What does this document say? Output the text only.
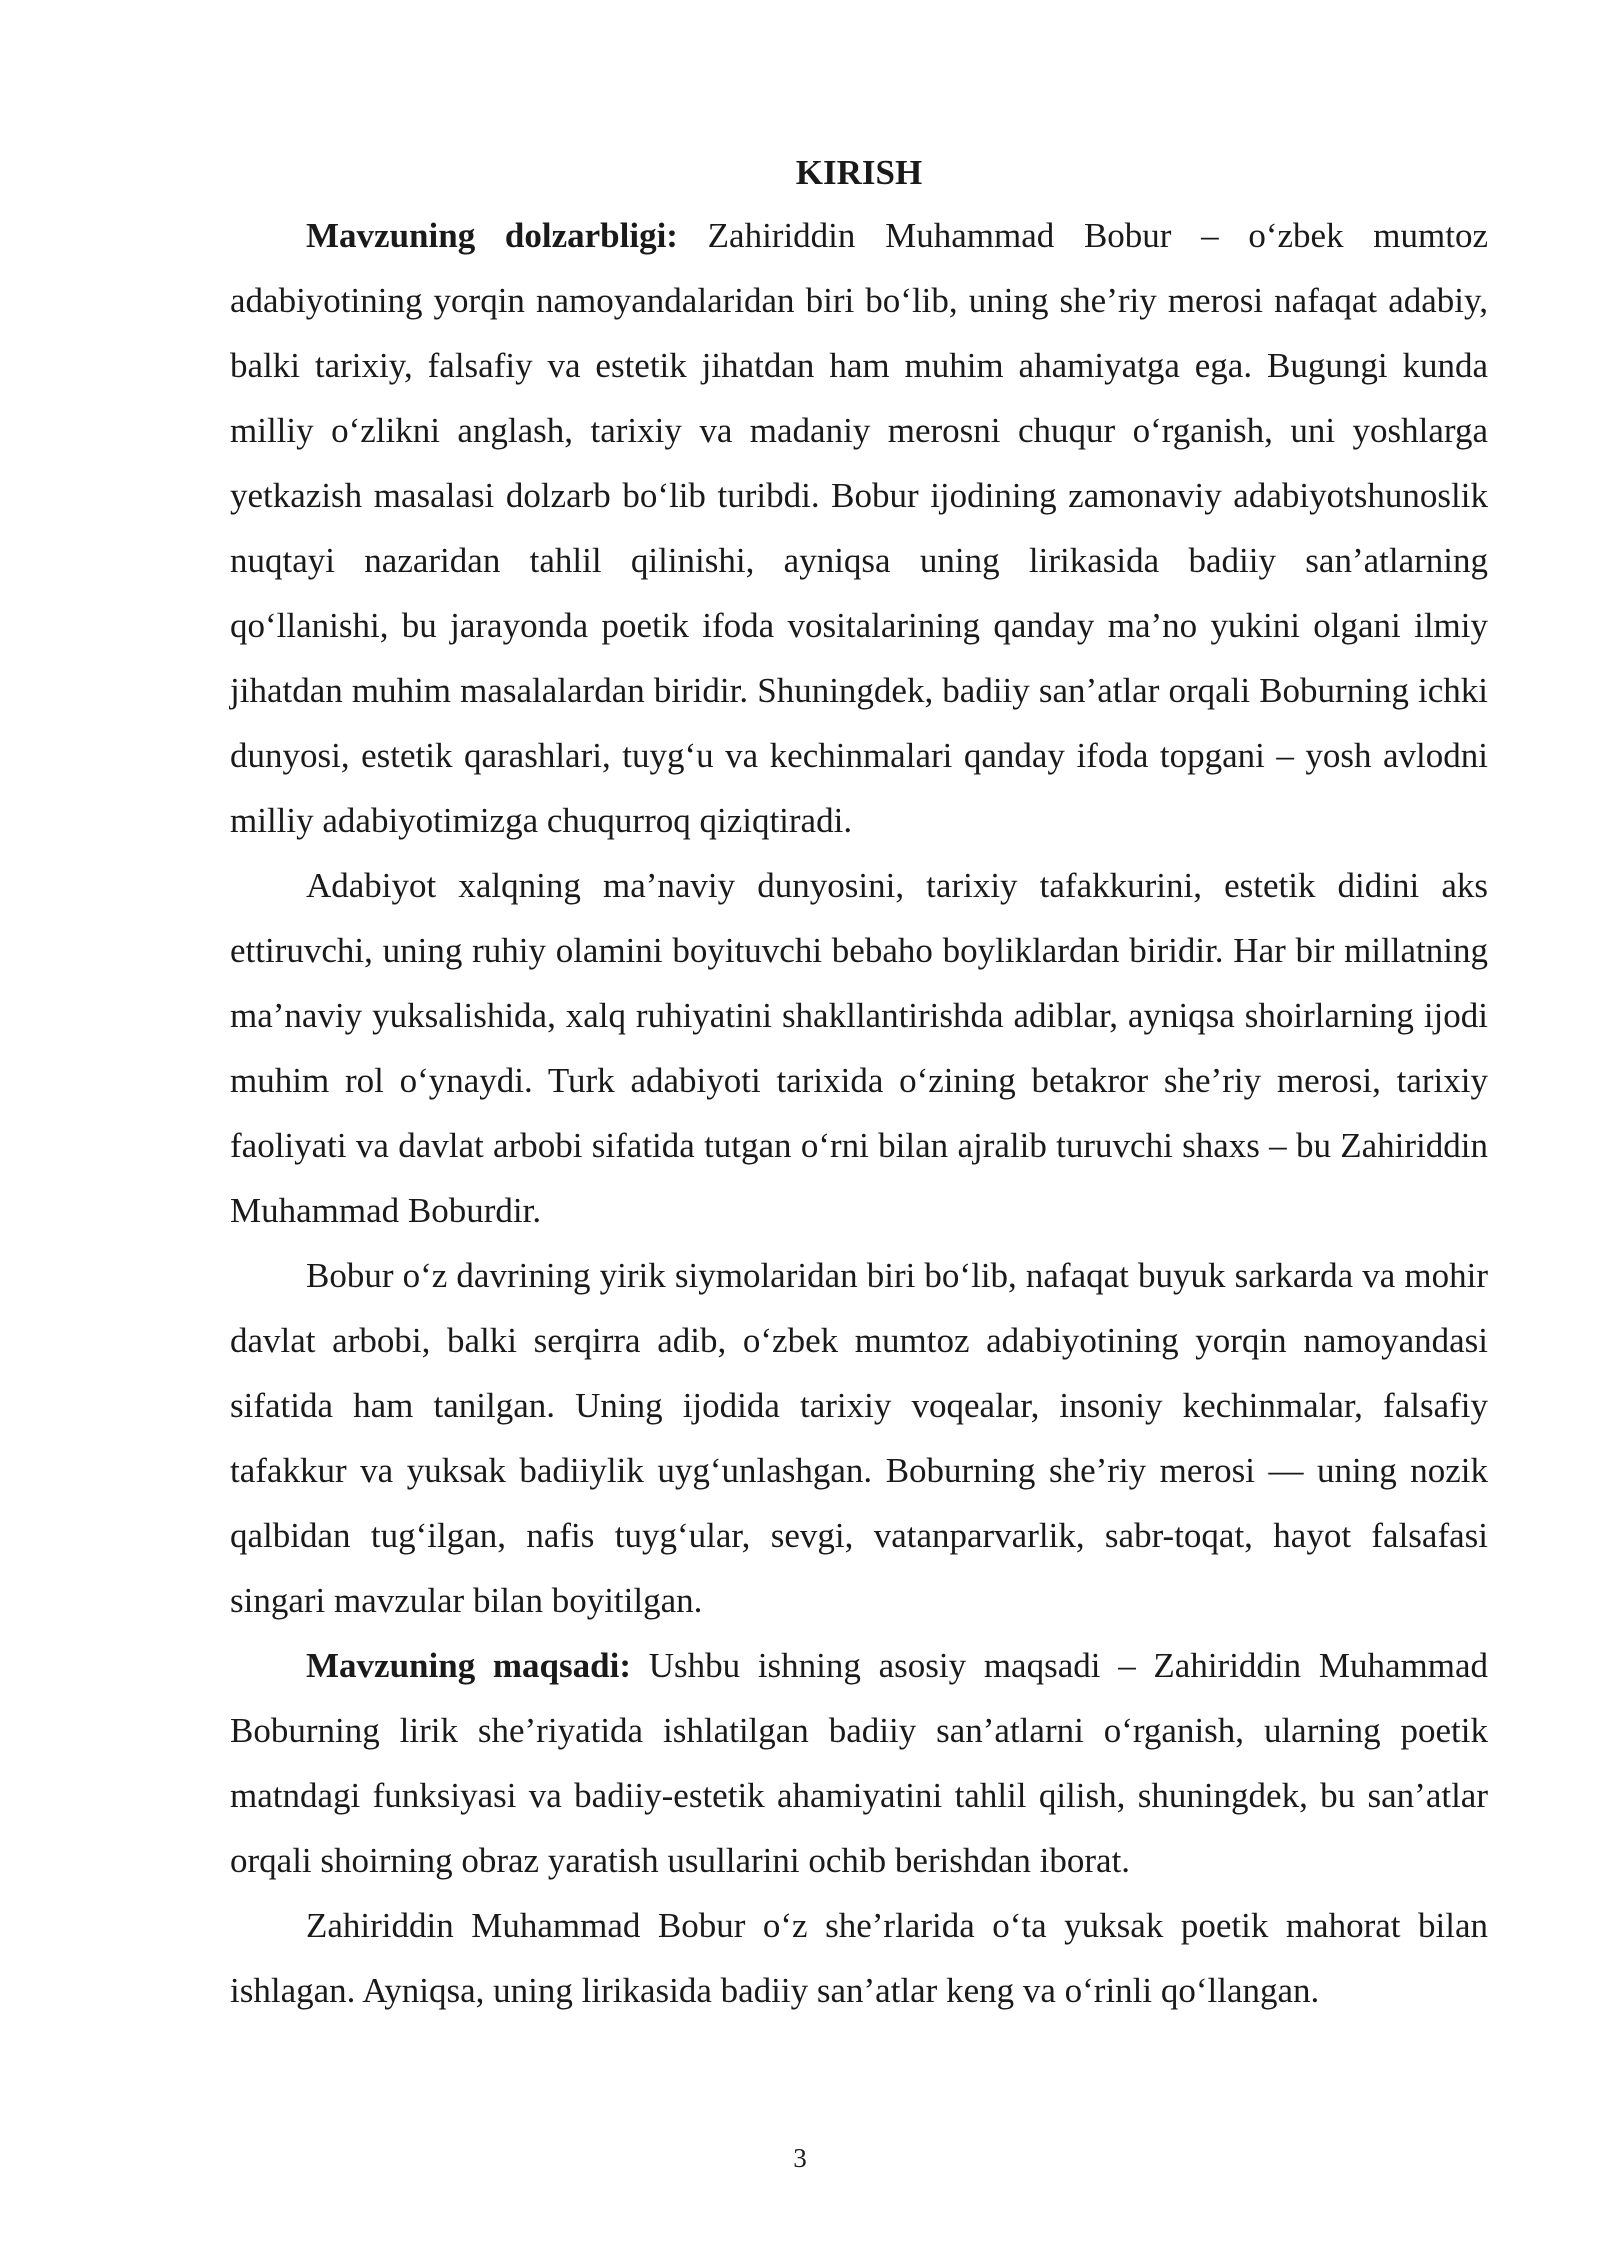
KIRISH

Mavzuning dolzarbligi: Zahiriddin Muhammad Bobur – o‘zbek mumtoz adabiyotining yorqin namoyandalaridan biri bo‘lib, uning she’riy merosi nafaqat adabiy, balki tarixiy, falsafiy va estetik jihatdan ham muhim ahamiyatga ega. Bugungi kunda milliy o‘zlikni anglash, tarixiy va madaniy merosni chuqur o‘rganish, uni yoshlarga yetkazish masalasi dolzarb bo‘lib turibdi. Bobur ijodining zamonaviy adabiyotshunoslik nuqtayi nazaridan tahlil qilinishi, ayniqsa uning lirikasida badiiy san’atlarning qo‘llanishi, bu jarayonda poetik ifoda vositalarining qanday ma’no yukini olgani ilmiy jihatdan muhim masalalardan biridir. Shuningdek, badiiy san’atlar orqali Boburning ichki dunyosi, estetik qarashlari, tuyg‘u va kechinmalari qanday ifoda topgani – yosh avlodni milliy adabiyotimizga chuqurroq qiziqtiradi.

Adabiyot xalqning ma’naviy dunyosini, tarixiy tafakkurini, estetik didini aks ettiruvchi, uning ruhiy olamini boyituvchi bebaho boyliklardan biridir. Har bir millatning ma’naviy yuksalishida, xalq ruhiyatini shakllantirishda adiblar, ayniqsa shoirlarning ijodi muhim rol o‘ynaydi. Turk adabiyoti tarixida o‘zining betakror she’riy merosi, tarixiy faoliyati va davlat arbobi sifatida tutgan o‘rni bilan ajralib turuvchi shaxs – bu Zahiriddin Muhammad Boburdir.

Bobur o‘z davrining yirik siymolaridan biri bo‘lib, nafaqat buyuk sarkarda va mohir davlat arbobi, balki serqirra adib, o‘zbek mumtoz adabiyotining yorqin namoyandasi sifatida ham tanilgan. Uning ijodida tarixiy voqealar, insoniy kechinmalar, falsafiy tafakkur va yuksak badiiylik uyg‘unlashgan. Boburning she’riy merosi — uning nozik qalbidan tug‘ilgan, nafis tuyg‘ular, sevgi, vatanparvarlik, sabr-toqat, hayot falsafasi singari mavzular bilan boyitilgan.

Mavzuning maqsadi: Ushbu ishning asosiy maqsadi – Zahiriddin Muhammad Boburning lirik she’riyatida ishlatilgan badiiy san’atlarni o‘rganish, ularning poetik matndagi funksiyasi va badiiy-estetik ahamiyatini tahlil qilish, shuningdek, bu san’atlar orqali shoirning obraz yaratish usullarini ochib berishdan iborat.

Zahiriddin Muhammad Bobur o‘z she’rlarida o‘ta yuksak poetik mahorat bilan ishlagan. Ayniqsa, uning lirikasida badiiy san’atlar keng va o‘rinli qo‘llangan.

3
